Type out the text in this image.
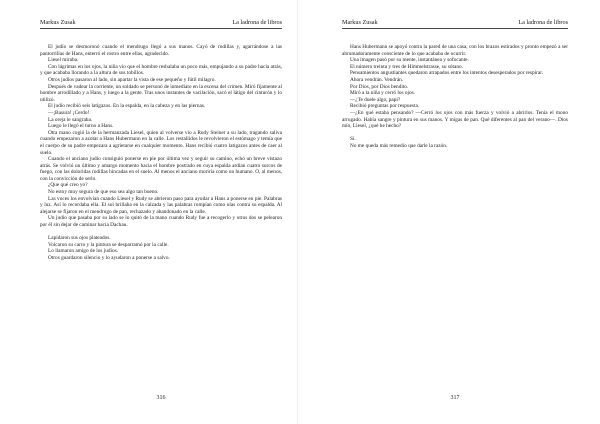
Markus Zusak	La ladrona de libros

El judío se desmoronó cuando el mendrugo llegó a sus manos. Cayó de rodillas y, agarrándose a las pantorrillas de Hans, enterró el rostro entre ellas, agradecido.

Liesel miraba.

Con lágrimas en los ojos, la niña vio que el hombre resbalaba un poco más, empujando a su padre hacia atrás, y que acababa llorando a la altura de sus tobillos.

Otros judíos pasaron al lado, sin apartar la vista de ese pequeño y fútil milagro.

Después de vadear la corriente, un soldado se personó de inmediato en la escena del crimen. Miró fijamente al hombre arrodillado y a Hans, y luego a la gente. Tras unos instantes de vacilación, sacó el látigo del cinturón y lo utilizó.

El judío recibió seis latigazos. En la espalda, en la cabeza y en las piernas.

—¡Basura! ¡Cerdo!

La oreja le sangraba.

Luego le llegó el turno a Hans.

Otra mano cogió la de la hermanzada Liesel, quien al volverse vio a Rudy Steiner a su lado, tragando saliva cuando empezaron a azotar a Hans Hubermann en la calle. Los restallidos le revolvieron el estómago y temía que el cuerpo de su padre empezara a agrietarse en cualquier momento. Hans recibió cuatro latigazos antes de caer al suelo.

Cuando el anciano judío consiguió ponerse en pie por última vez y seguir su camino, echó un breve vistazo atrás. Se volvió un último y amargo momento hacia el hombre postrado en cuya espalda ardían cuatro surcos de fuego, con las doloridas rodillas hincadas en el suelo. Al menos el anciano moriría como un humano. O, al menos, con la convicción de serlo.

¿Que qué creo yo?

No estoy muy segura de que eso sea algo tan bueno.

Las voces los envolvían cuando Liesel y Rudy se abrieron paso para ayudar a Hans a ponerse en pie. Palabras y luz. Así lo recordaba ella. El sol brillaba en la calzada y las palabras rompían como olas contra su espalda. Al alejarse se fijaron en el mendrugo de pan, rechazado y abandonado en la calle.

Un judío que pasaba por su lado se lo quitó de la mano cuando Rudy fue a recogerlo y otros dos se pelearon por él sin dejar de caminar hacia Dachau.

Lapidaron sus ojos plateados.

Volcaron su carro y la pintura se desparramó por la calle.

Lo llamaron amigo de los judíos.

Otros guardaron silencio y lo ayudaron a ponerse a salvo.

316
Markus Zusak	La ladrona de libros

Hans Hubermann se apoyó contra la pared de una casa, con los brazos estirados y pronto empezó a ser abrumadoramente consciente de lo que acababa de ocurrir.

Una imagen pasó por su mente, instantánea y sofocante.

El número treinta y tres de Himmelstrasse, su sótano.

Pensamientos angustiantes quedaron atrapados entre los intentos desesperados por respirar.

Ahora vendrán. Vendrán.

Por Dios, por Dios bendito.

Miró a la niña y cerró los ojos.

—¿Te duele algo, papi?

Recibió preguntas por respuesta.

—¿En qué estaba pensando? —Cerró los ojos con más fuerza y volvió a abrirlos. Tenía el mono arrugado. Había sangre y pintura en sus manos. Y migas de pan. Qué diferentes al pan del verano—. Dios mío, Liesel, ¿qué he hecho?

Sí.

No me queda más remedio que darle la razón.

317
